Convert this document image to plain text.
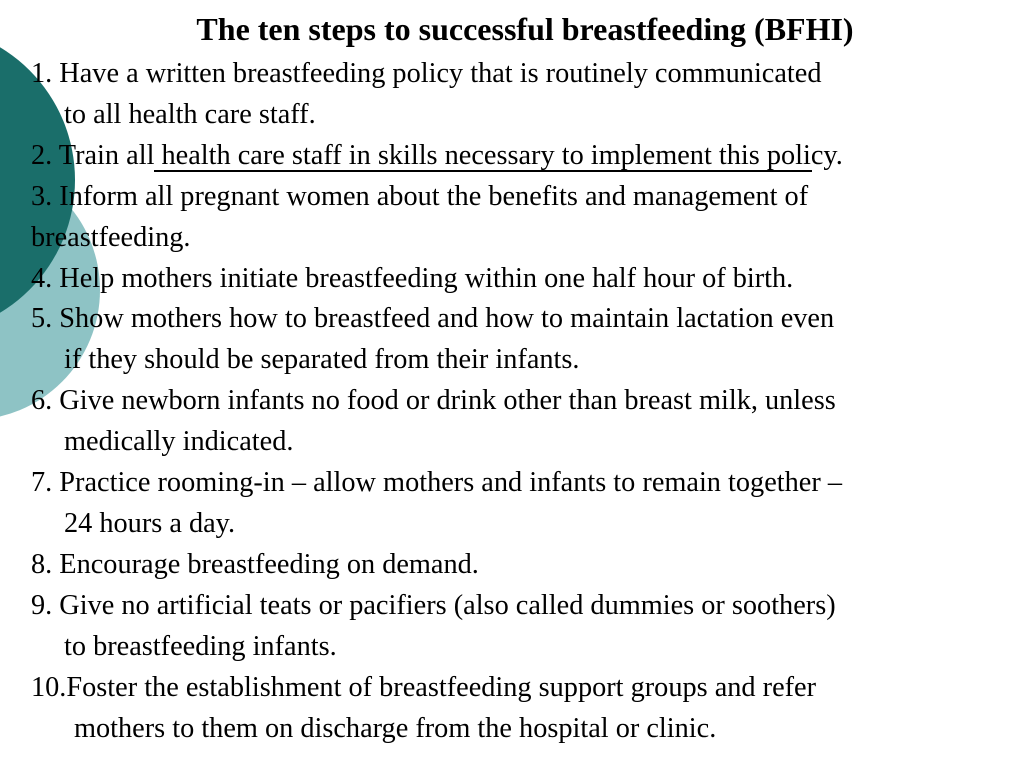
The ten steps to successful breastfeeding (BFHI)
1. Have a written breastfeeding policy that is routinely communicated
to all health care staff.
2. Train all health care staff in skills necessary to implement this policy.
3. Inform all pregnant women about the benefits and management of
breastfeeding.
4. Help mothers initiate breastfeeding within one half hour of birth.
5. Show mothers how to breastfeed and how to maintain lactation even
if they should be separated from their infants.
6. Give newborn infants no food or drink other than breast milk, unless
medically indicated.
7. Practice rooming-in – allow mothers and infants to remain together –
24 hours a day.
8. Encourage breastfeeding on demand.
9. Give no artificial teats or pacifiers (also called dummies or soothers)
to breastfeeding infants.
10.Foster the establishment of breastfeeding support groups and refer
mothers to them on discharge from the hospital or clinic.
